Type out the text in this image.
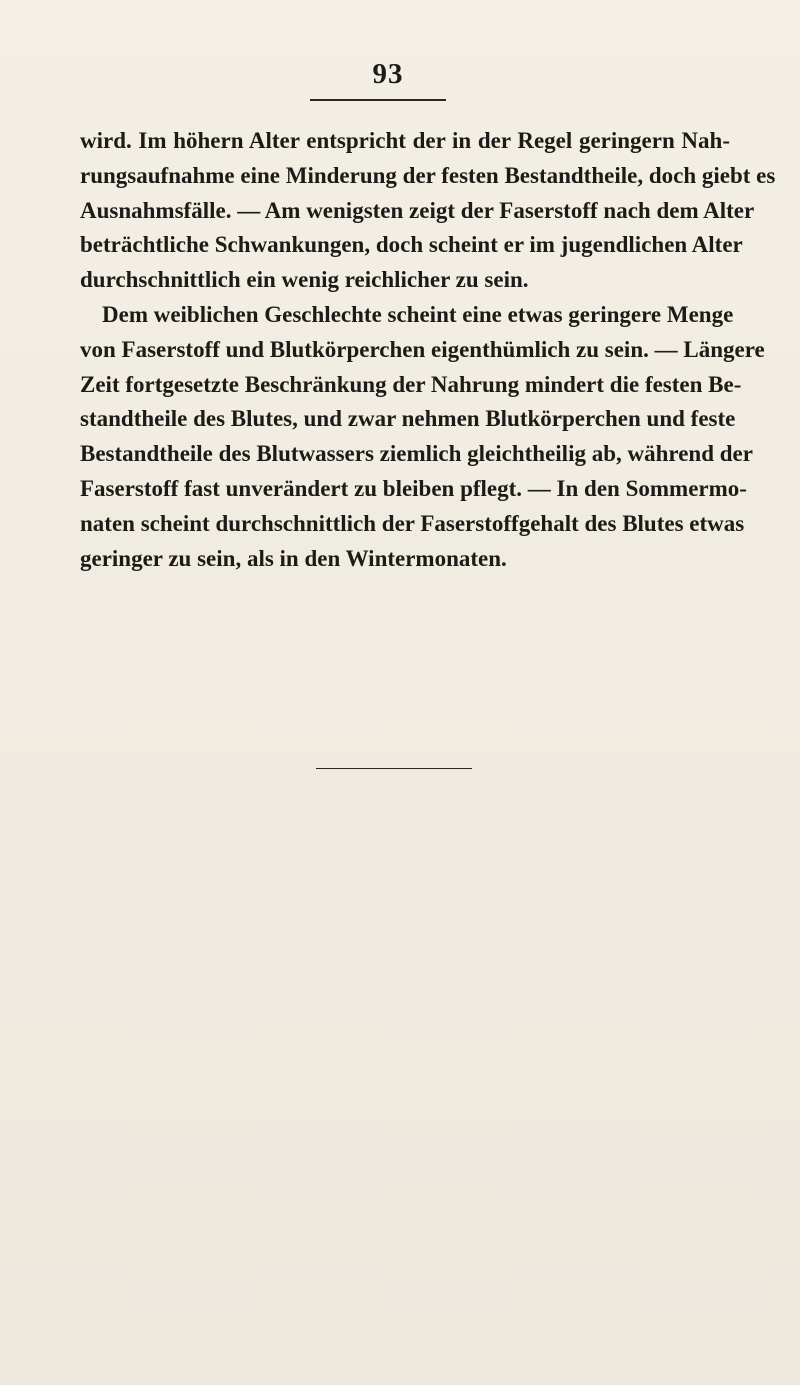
93
wird. Im höhern Alter entspricht der in der Regel geringern Nah-
rungsaufnahme eine Minderung der festen Bestandtheile, doch giebt es
Ausnahmsfälle. — Am wenigsten zeigt der Faserstoff nach dem Alter
beträchtliche Schwankungen, doch scheint er im jugendlichen Alter
durchschnittlich ein wenig reichlicher zu sein.
Dem weiblichen Geschlechte scheint eine etwas geringere Menge
von Faserstoff und Blutkörperchen eigenthümlich zu sein. — Längere
Zeit fortgesetzte Beschränkung der Nahrung mindert die festen Be-
standtheile des Blutes, und zwar nehmen Blutkörperchen und feste
Bestandtheile des Blutwassers ziemlich gleichtheilig ab, während der
Faserstoff fast unverändert zu bleiben pflegt. — In den Sommermo-
naten scheint durchschnittlich der Faserstoffgehalt des Blutes etwas
geringer zu sein, als in den Wintermonaten.
